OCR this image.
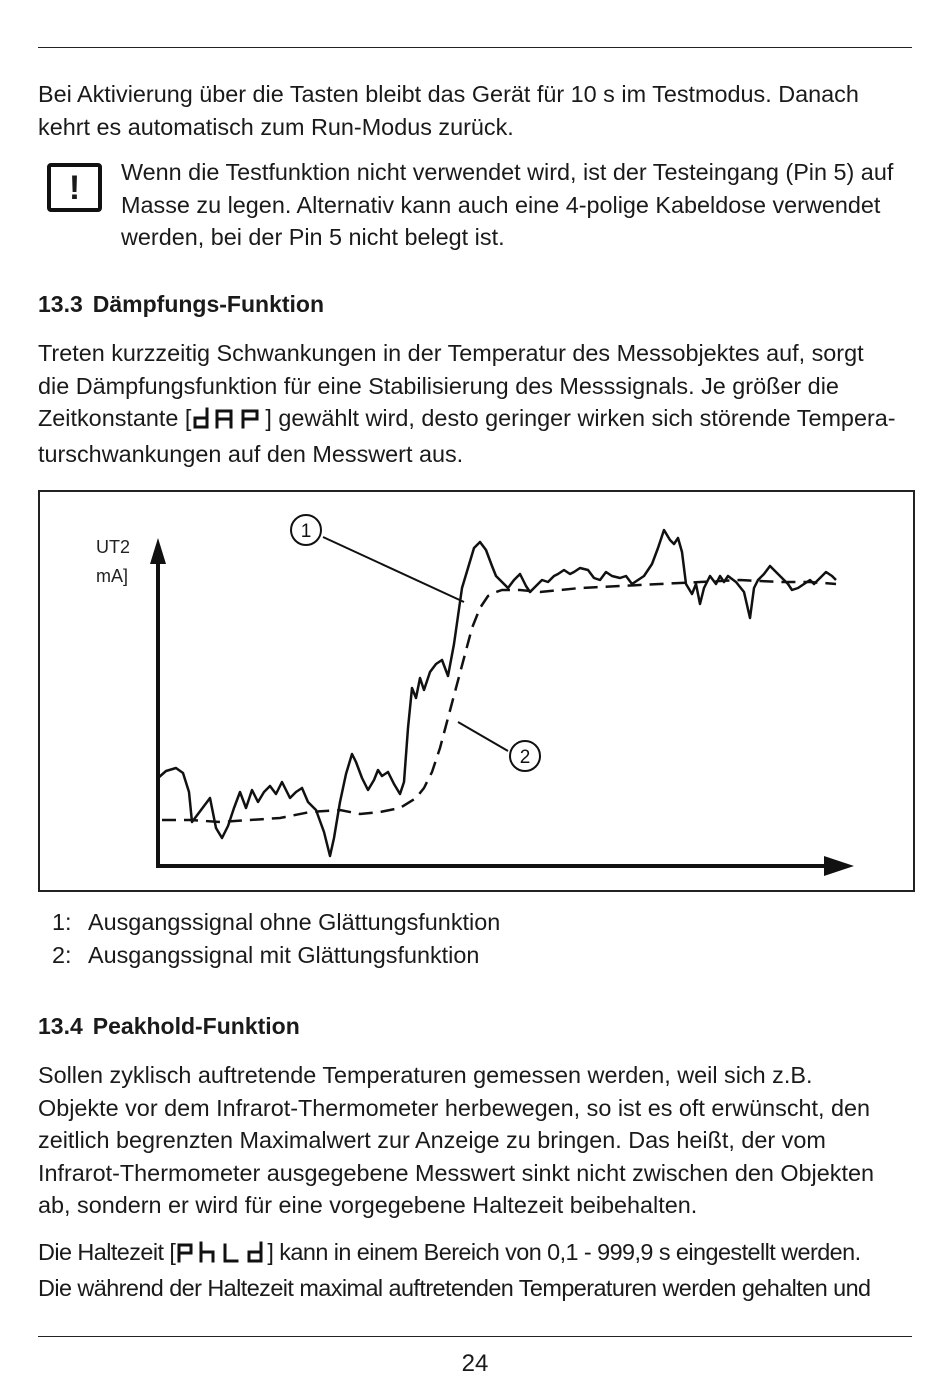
Bei Aktivierung über die Tasten bleibt das Gerät für 10 s im Testmodus. Danach
kehrt es automatisch zum Run-Modus zurück.

!	Wenn die Testfunktion nicht verwendet wird, ist der Testeingang (Pin 5) auf
Masse zu legen. Alternativ kann auch eine 4-polige Kabeldose verwendet
werden, bei der Pin 5 nicht belegt ist.

13.3 Dämpfungs-Funktion

Treten kurzzeitig Schwankungen in der Temperatur des Messobjektes auf, sorgt
die Dämpfungsfunktion für eine Stabilisierung des Messsignals. Je größer die
Zeitkonstante [	] gewählt wird, desto geringer wirken sich störende Tempera-
turschwankungen auf den Messwert aus.

UT2
mA]
1
2
1: Ausgangssignal ohne Glättungsfunktion
2: Ausgangssignal mit Glättungsfunktion
13.4 Peakhold-Funktion

Sollen zyklisch auftretende Temperaturen gemessen werden, weil sich z.B.
Objekte vor dem Infrarot-Thermometer herbewegen, so ist es oft erwünscht, den
zeitlich begrenzten Maximalwert zur Anzeige zu bringen. Das heißt, der vom
Infrarot-Thermometer ausgegebene Messwert sinkt nicht zwischen den Objekten
ab, sondern er wird für eine vorgegebene Haltezeit beibehalten.

Die Haltezeit [	] kann in einem Bereich von 0,1 - 999,9 s eingestellt werden.
Die während der Haltezeit maximal auftretenden Temperaturen werden gehalten und

24
